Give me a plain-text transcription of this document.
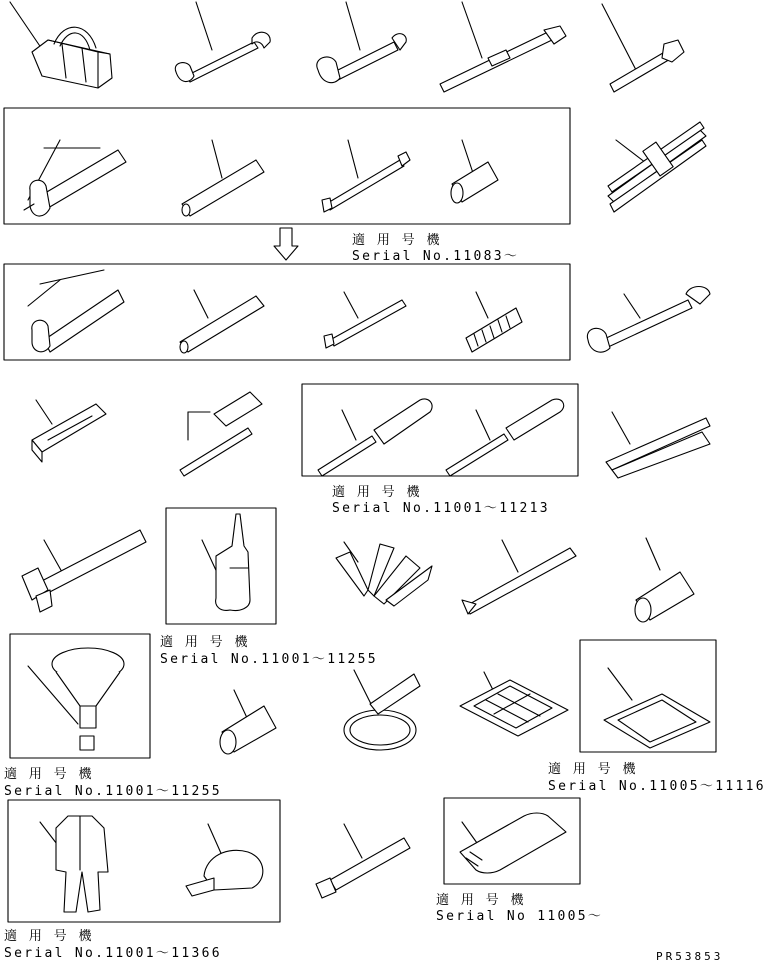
適 用 号 機
Serial No.11083～
適 用 号 機
Serial No.11001～11213
適 用 号 機
Serial No.11001～11255
適 用 号 機
Serial No.11001～11255
適 用 号 機
Serial No.11005～11116
適 用 号 機
Serial No 11005～
適 用 号 機
Serial No.11001～11366	PR53853
